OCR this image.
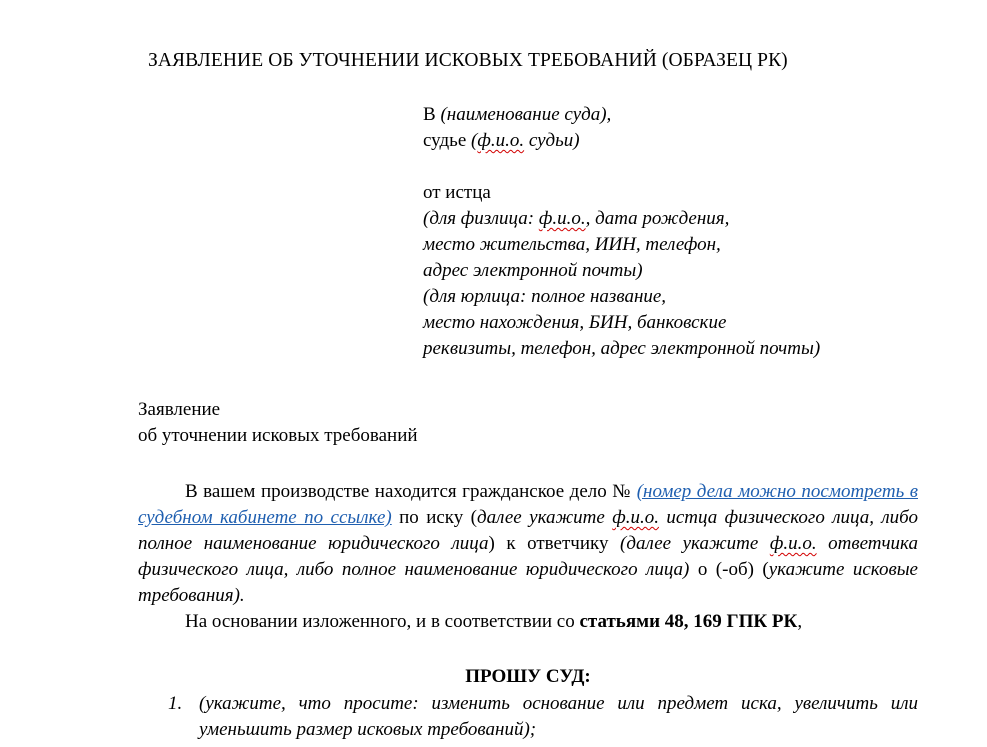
ЗАЯВЛЕНИЕ ОБ УТОЧНЕНИИ ИСКОВЫХ ТРЕБОВАНИЙ (ОБРАЗЕЦ РК)
В (наименование суда),
судье (ф.и.о. судьи)
от истца
(для физлица: ф.и.о., дата рождения,
место жительства, ИИН, телефон,
адрес электронной почты)
(для юрлица: полное название,
место нахождения, БИН, банковские
реквизиты, телефон, адрес электронной почты)
Заявление
об уточнении исковых требований

В вашем производстве находится гражданское дело № (номер дела можно посмотреть в судебном кабинете по ссылке) по иску (далее укажите ф.и.о. истца физического лица, либо полное наименование юридического лица) к ответчику (далее укажите ф.и.о. ответчика физического лица, либо полное наименование юридического лица) о (-об) (укажите исковые требования).

На основании изложенного, и в соответствии со статьями 48, 169 ГПК РК,

ПРОШУ СУД:
1. (укажите, что просите: изменить основание или предмет иска, увеличить или уменьшить размер исковых требований);
